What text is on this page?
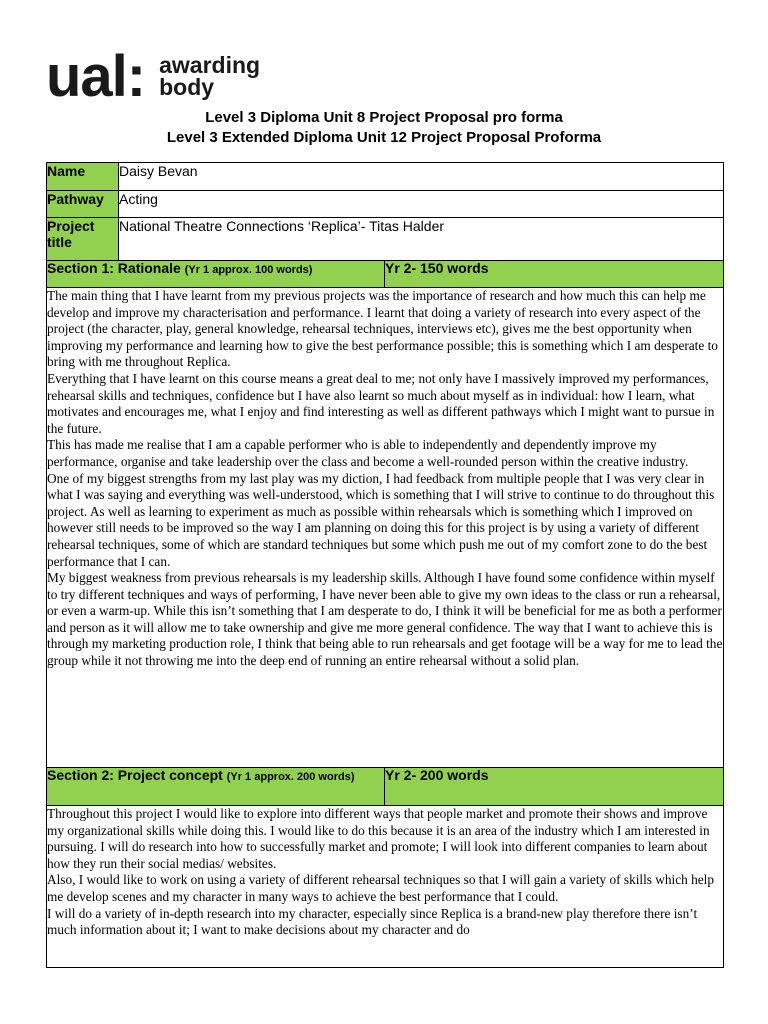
ual: awarding
body
Level 3 Diploma Unit 8 Project Proposal pro forma
Level 3 Extended Diploma Unit 12 Project Proposal Proforma
Name	Daisy Bevan	
Pathway	Acting	
Project title	National Theatre Connections ‘Replica’- Titas Halder	
Section 1: Rationale (Yr 1 approx. 100 words)		Yr 2- 150 words

The main thing that I have learnt from my previous projects was the importance of research and how much this can help me develop and improve my characterisation and performance. I learnt that doing a variety of research into every aspect of the project (the character, play, general knowledge, rehearsal techniques, interviews etc), gives me the best opportunity when improving my performance and learning how to give the best performance possible; this is something which I am desperate to bring with me throughout Replica.

Everything that I have learnt on this course means a great deal to me; not only have I massively improved my performances, rehearsal skills and techniques, confidence but I have also learnt so much about myself as in individual: how I learn, what motivates and encourages me, what I enjoy and find interesting as well as different pathways which I might want to pursue in the future.

This has made me realise that I am a capable performer who is able to independently and dependently improve my performance, organise and take leadership over the class and become a well-rounded person within the creative industry.

One of my biggest strengths from my last play was my diction, I had feedback from multiple people that I was very clear in what I was saying and everything was well-understood, which is something that I will strive to continue to do throughout this project. As well as learning to experiment as much as possible within rehearsals which is something which I improved on however still needs to be improved so the way I am planning on doing this for this project is by using a variety of different rehearsal techniques, some of which are standard techniques but some which push me out of my comfort zone to do the best performance that I can.

My biggest weakness from previous rehearsals is my leadership skills. Although I have found some confidence within myself to try different techniques and ways of performing, I have never been able to give my own ideas to the class or run a rehearsal, or even a warm-up. While this isn’t something that I am desperate to do, I think it will be beneficial for me as both a performer and person as it will allow me to take ownership and give me more general confidence. The way that I want to achieve this is through my marketing production role, I think that being able to run rehearsals and get footage will be a way for me to lead the group while it not throwing me into the deep end of running an entire rehearsal without a solid plan.		

Section 2: Project concept (Yr 1 approx. 200 words)		Yr 2- 200 words

Throughout this project I would like to explore into different ways that people market and promote their shows and improve my organizational skills while doing this. I would like to do this because it is an area of the industry which I am interested in pursuing. I will do research into how to successfully market and promote; I will look into different companies to learn about how they run their social medias/ websites.

Also, I would like to work on using a variety of different rehearsal techniques so that I will gain a variety of skills which help me develop scenes and my character in many ways to achieve the best performance that I could.

I will do a variety of in-depth research into my character, especially since Replica is a brand-new play therefore there isn’t much information about it; I want to make decisions about my character and do		
